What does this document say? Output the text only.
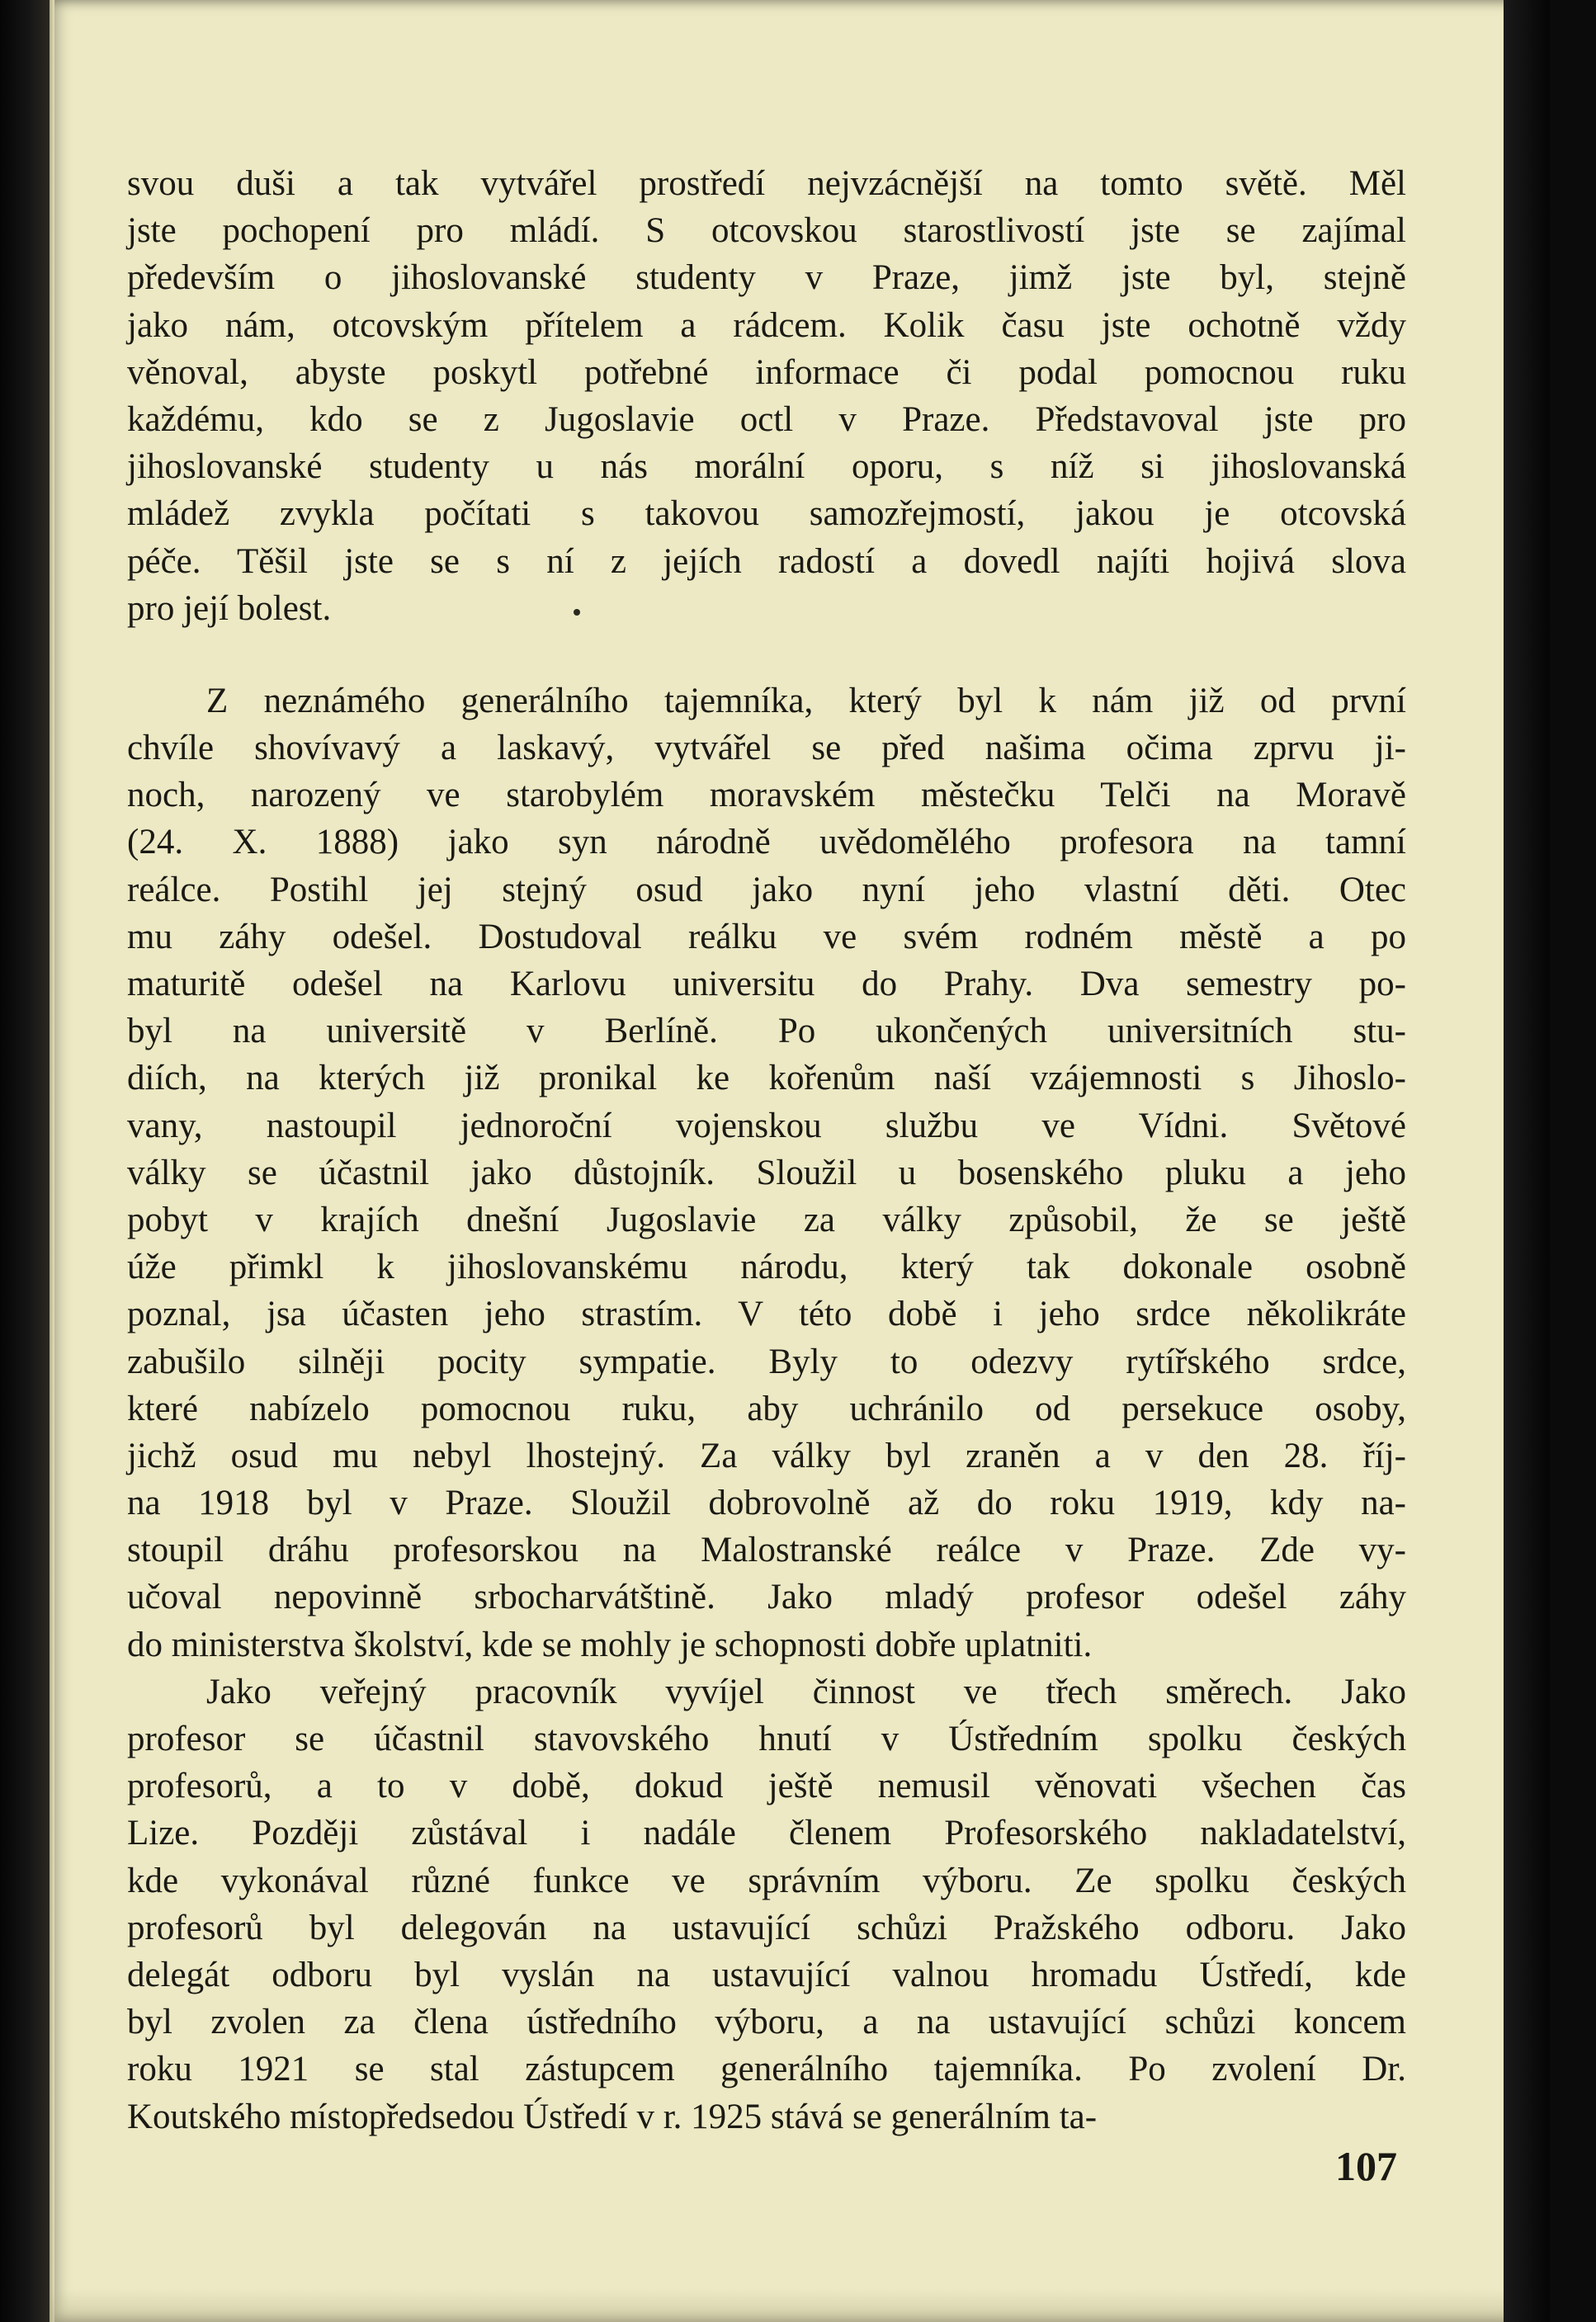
svou duši a tak vytvářel prostředí nejvzácnější na tomto světě. Měl
jste pochopení pro mládí. S otcovskou starostlivostí jste se zajímal
především o jihoslovanské studenty v Praze, jimž jste byl, stejně
jako nám, otcovským přítelem a rádcem. Kolik času jste ochotně vždy
věnoval, abyste poskytl potřebné informace či podal pomocnou ruku
každému, kdo se z Jugoslavie octl v Praze. Představoval jste pro
jihoslovanské studenty u nás morální oporu, s níž si jihoslovanská
mládež zvykla počítati s takovou samozřejmostí, jakou je otcovská
péče. Těšil jste se s ní z jejích radostí a dovedl najíti hojivá slova
pro její bolest.
Z neznámého generálního tajemníka, který byl k nám již od první
chvíle shovívavý a laskavý, vytvářel se před našima očima zprvu ji-
noch, narozený ve starobylém moravském městečku Telči na Moravě
(24. X. 1888) jako syn národně uvědomělého profesora na tamní
reálce. Postihl jej stejný osud jako nyní jeho vlastní děti. Otec
mu záhy odešel. Dostudoval reálku ve svém rodném městě a po
maturitě odešel na Karlovu universitu do Prahy. Dva semestry po-
byl na universitě v Berlíně. Po ukončených universitních stu-
diích, na kterých již pronikal ke kořenům naší vzájemnosti s Jihoslo-
vany, nastoupil jednoroční vojenskou službu ve Vídni. Světové
války se účastnil jako důstojník. Sloužil u bosenského pluku a jeho
pobyt v krajích dnešní Jugoslavie za války způsobil, že se ještě
úže přimkl k jihoslovanskému národu, který tak dokonale osobně
poznal, jsa účasten jeho strastím. V této době i jeho srdce několikráte
zabušilo silněji pocity sympatie. Byly to odezvy rytířského srdce,
které nabízelo pomocnou ruku, aby uchránilo od persekuce osoby,
jichž osud mu nebyl lhostejný. Za války byl zraněn a v den 28. říj-
na 1918 byl v Praze. Sloužil dobrovolně až do roku 1919, kdy na-
stoupil dráhu profesorskou na Malostranské reálce v Praze. Zde vy-
učoval nepovinně srbocharvátštině. Jako mladý profesor odešel záhy
do ministerstva školství, kde se mohly je schopnosti dobře uplatniti.
Jako veřejný pracovník vyvíjel činnost ve třech směrech. Jako
profesor se účastnil stavovského hnutí v Ústředním spolku českých
profesorů, a to v době, dokud ještě nemusil věnovati všechen čas
Lize. Později zůstával i nadále členem Profesorského nakladatelství,
kde vykonával různé funkce ve správním výboru. Ze spolku českých
profesorů byl delegován na ustavující schůzi Pražského odboru. Jako
delegát odboru byl vyslán na ustavující valnou hromadu Ústředí, kde
byl zvolen za člena ústředního výboru, a na ustavující schůzi koncem
roku 1921 se stal zástupcem generálního tajemníka. Po zvolení Dr.
Koutského místopředsedou Ústředí v r. 1925 stává se generálním ta-
107
